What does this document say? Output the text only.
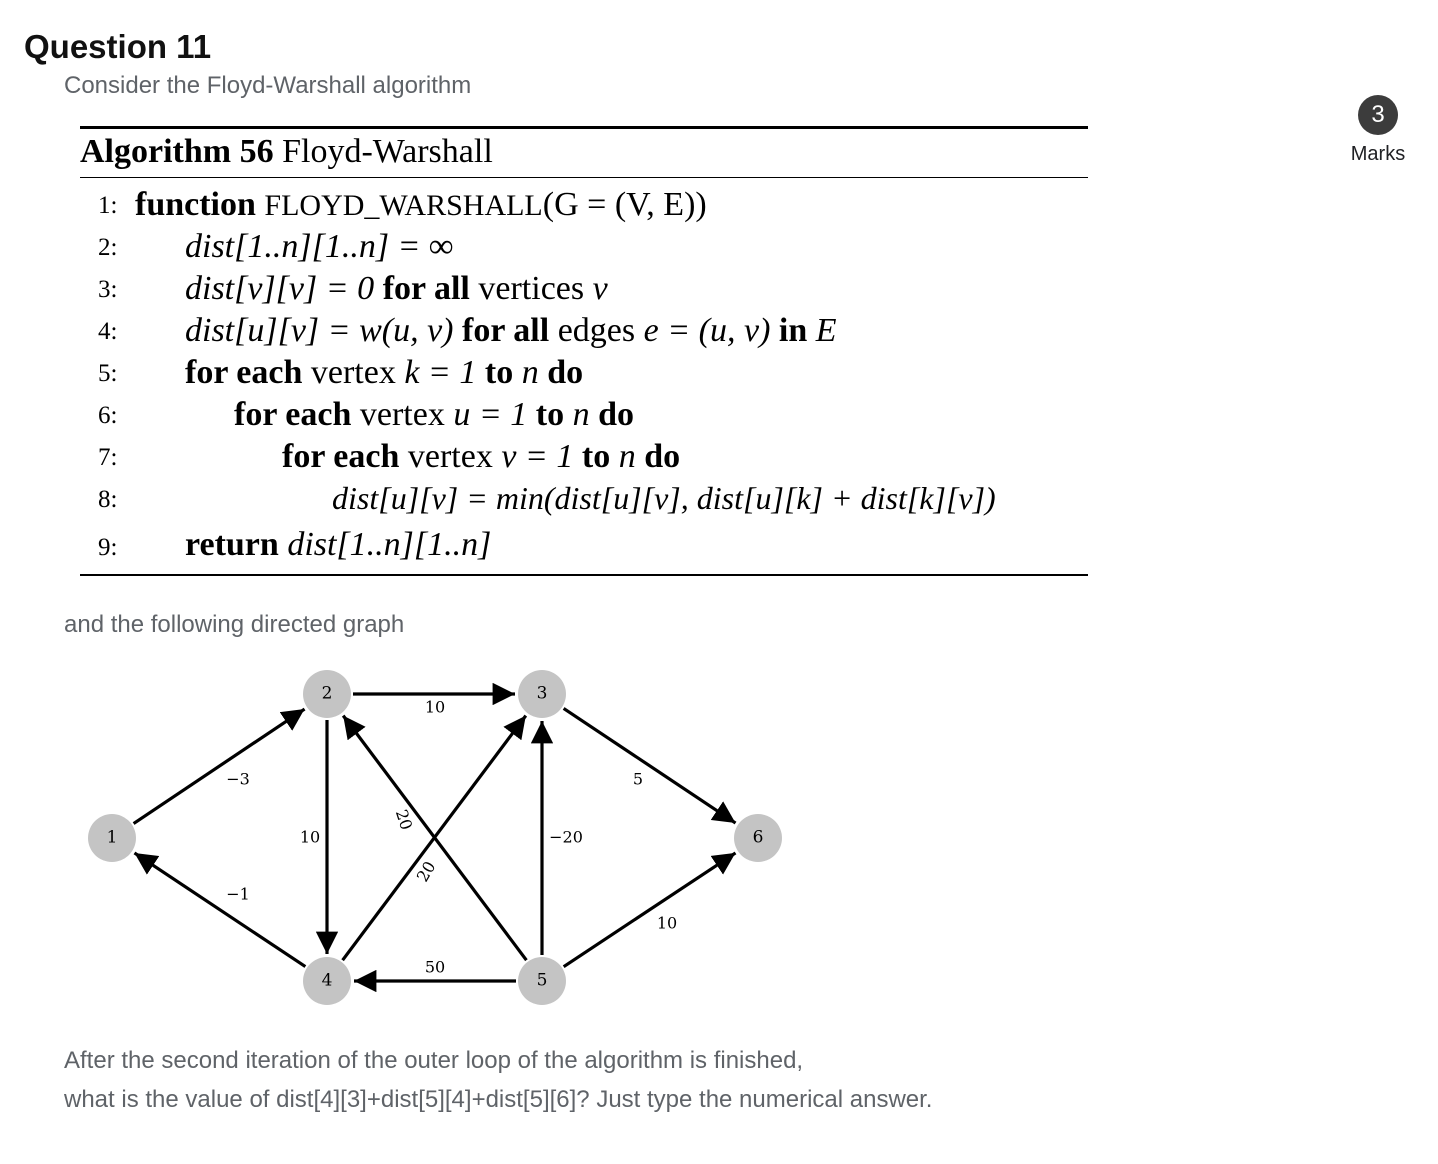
Question 11
Consider the Floyd-Warshall algorithm
3
Marks
Algorithm 56 Floyd-Warshall
1: function FLOYD_WARSHALL(G = (V, E))
2: dist[1..n][1..n] = ∞
3: dist[v][v] = 0 for all vertices v
4: dist[u][v] = w(u, v) for all edges e = (u, v) in E
5: for each vertex k = 1 to n do
6:	for each vertex u = 1 to n do
7:	for each vertex v = 1 to n do
8:	dist[u][v] = min(dist[u][v], dist[u][k] + dist[k][v])
9: return dist[1..n][1..n]
and the following directed graph
−3
−1
10
10
20
20
−20
5
10
50
1
2	3
4	5
6
After the second iteration of the outer loop of the algorithm is finished,
what is the value of dist[4][3]+dist[5][4]+dist[5][6]? Just type the numerical answer.
